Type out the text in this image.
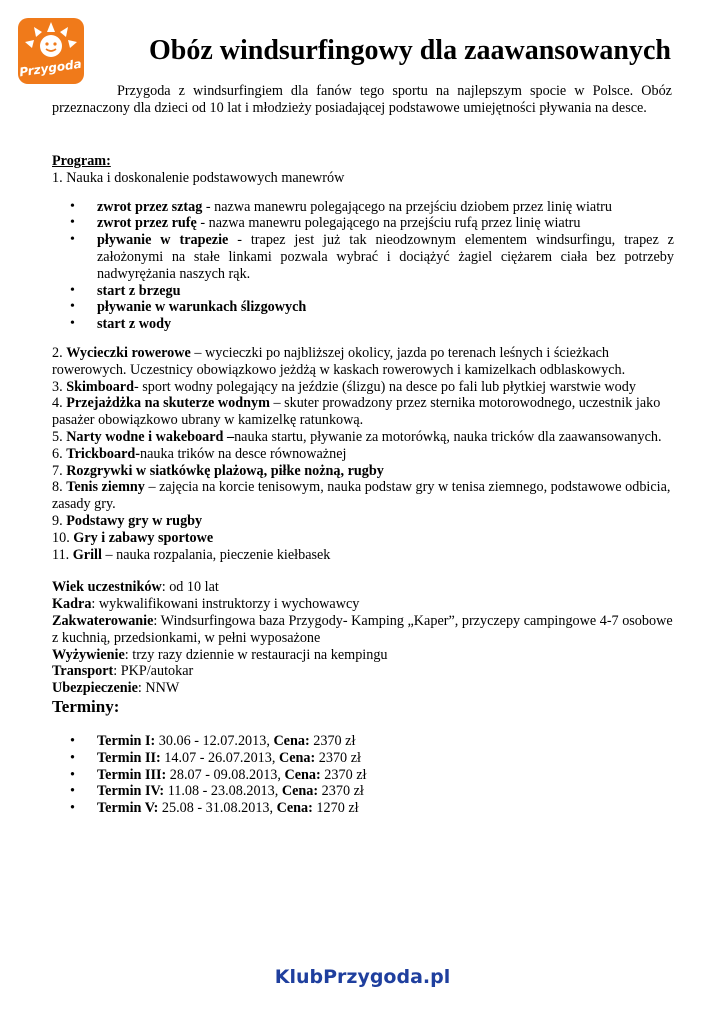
Przygoda
Obóz windsurfingowy dla zaawansowanych

Przygoda z windsurfingiem dla fanów tego sportu na najlepszym spocie w Polsce. Obóz przeznaczony dla dzieci od 10 lat i młodzieży posiadającej podstawowe umiejętności pływania na desce.

Program:

1. Nauka i doskonalenie podstawowych manewrów

• zwrot przez sztag - nazwa manewru polegającego na przejściu dziobem przez linię wiatru
• zwrot przez rufę - nazwa manewru polegającego na przejściu rufą przez linię wiatru
• pływanie w trapezie - trapez jest już tak nieodzownym elementem windsurfingu, trapez z założonymi na stałe linkami pozwala wybrać i dociążyć żagiel ciężarem ciała bez potrzeby nadwyrężania naszych rąk.
• start z brzegu
• pływanie w warunkach ślizgowych
• start z wody

2. Wycieczki rowerowe – wycieczki po najbliższej okolicy, jazda po terenach leśnych i ścieżkach rowerowych. Uczestnicy obowiązkowo jeżdżą w kaskach rowerowych i kamizelkach odblaskowych.

3. Skimboard- sport wodny polegający na jeździe (ślizgu) na desce po fali lub płytkiej warstwie wody

4. Przejażdżka na skuterze wodnym – skuter prowadzony przez sternika motorowodnego, uczestnik jako pasażer obowiązkowo ubrany w kamizelkę ratunkową.

5. Narty wodne i wakeboard –nauka startu, pływanie za motorówką, nauka tricków dla zaawansowanych.

6. Trickboard-nauka trików na desce równoważnej

7. Rozgrywki w siatkówkę plażową, piłke nożną, rugby

8. Tenis ziemny – zajęcia na korcie tenisowym, nauka podstaw gry w tenisa ziemnego, podstawowe odbicia, zasady gry.

9. Podstawy gry w rugby

10. Gry i zabawy sportowe

11. Grill – nauka rozpalania, pieczenie kiełbasek

Wiek uczestników: od 10 lat

Kadra: wykwalifikowani instruktorzy i wychowawcy

Zakwaterowanie: Windsurfingowa baza Przygody- Kamping „Kaper”, przyczepy campingowe 4-7 osobowe z kuchnią, przedsionkami, w pełni wyposażone

Wyżywienie: trzy razy dziennie w restauracji na kempingu

Transport: PKP/autokar

Ubezpieczenie: NNW

Terminy:

• Termin I: 30.06 - 12.07.2013, Cena: 2370 zł
• Termin II: 14.07 - 26.07.2013, Cena: 2370 zł
• Termin III: 28.07 - 09.08.2013, Cena: 2370 zł
• Termin IV: 11.08 - 23.08.2013, Cena: 2370 zł
• Termin V: 25.08 - 31.08.2013, Cena: 1270 zł
KlubPrzygoda.pl
